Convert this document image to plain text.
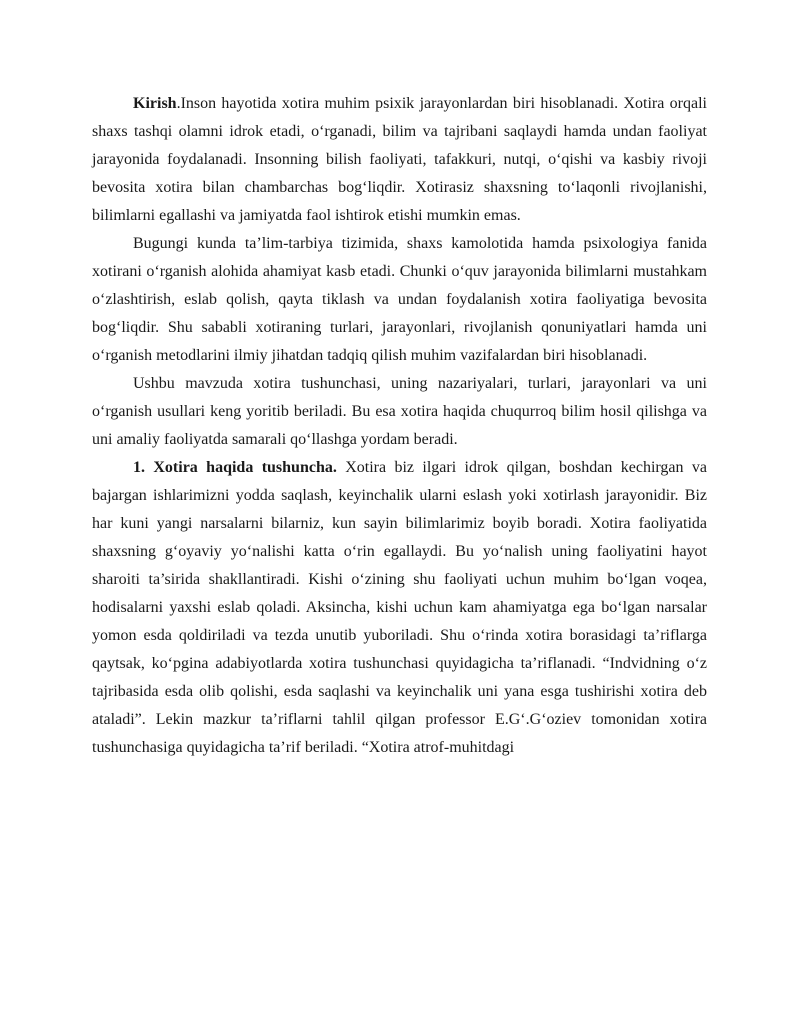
Kirish.Inson hayotida xotira muhim psixik jarayonlardan biri hisoblanadi. Xotira orqali shaxs tashqi olamni idrok etadi, o‘rganadi, bilim va tajribani saqlaydi hamda undan faoliyat jarayonida foydalanadi. Insonning bilish faoliyati, tafakkuri, nutqi, o‘qishi va kasbiy rivoji bevosita xotira bilan chambarchas bog‘liqdir. Xotirasiz shaxsning to‘laqonli rivojlanishi, bilimlarni egallashi va jamiyatda faol ishtirok etishi mumkin emas.

Bugungi kunda ta’lim-tarbiya tizimida, shaxs kamolotida hamda psixologiya fanida xotirani o‘rganish alohida ahamiyat kasb etadi. Chunki o‘quv jarayonida bilimlarni mustahkam o‘zlashtirish, eslab qolish, qayta tiklash va undan foydalanish xotira faoliyatiga bevosita bog‘liqdir. Shu sababli xotiraning turlari, jarayonlari, rivojlanish qonuniyatlari hamda uni o‘rganish metodlarini ilmiy jihatdan tadqiq qilish muhim vazifalardan biri hisoblanadi.

Ushbu mavzuda xotira tushunchasi, uning nazariyalari, turlari, jarayonlari va uni o‘rganish usullari keng yoritib beriladi. Bu esa xotira haqida chuqurroq bilim hosil qilishga va uni amaliy faoliyatda samarali qo‘llashga yordam beradi.

1. Xotira haqida tushuncha. Xotira biz ilgari idrok qilgan, boshdan kechirgan va bajargan ishlarimizni yodda saqlash, keyinchalik ularni eslash yoki xotirlash jarayonidir. Biz har kuni yangi narsalarni bilarniz, kun sayin bilimlarimiz boyib boradi. Xotira faoliyatida shaxsning g‘oyaviy yo‘nalishi katta o‘rin egallaydi. Bu yo‘nalish uning faoliyatini hayot sharoiti ta’sirida shakllantiradi. Kishi o‘zining shu faoliyati uchun muhim bo‘lgan voqea, hodisalarni yaxshi eslab qoladi. Aksincha, kishi uchun kam ahamiyatga ega bo‘lgan narsalar yomon esda qoldiriladi va tezda unutib yuboriladi. Shu o‘rinda xotira borasidagi ta’riflarga qaytsak, ko‘pgina adabiyotlarda xotira tushunchasi quyidagicha ta’riflanadi. “Indvidning o‘z tajribasida esda olib qolishi, esda saqlashi va keyinchalik uni yana esga tushirishi xotira deb ataladi”. Lekin mazkur ta’riflarni tahlil qilgan professor E.G‘.G‘oziev tomonidan xotira tushunchasiga quyidagicha ta’rif beriladi. “Xotira atrof-muhitdagi
